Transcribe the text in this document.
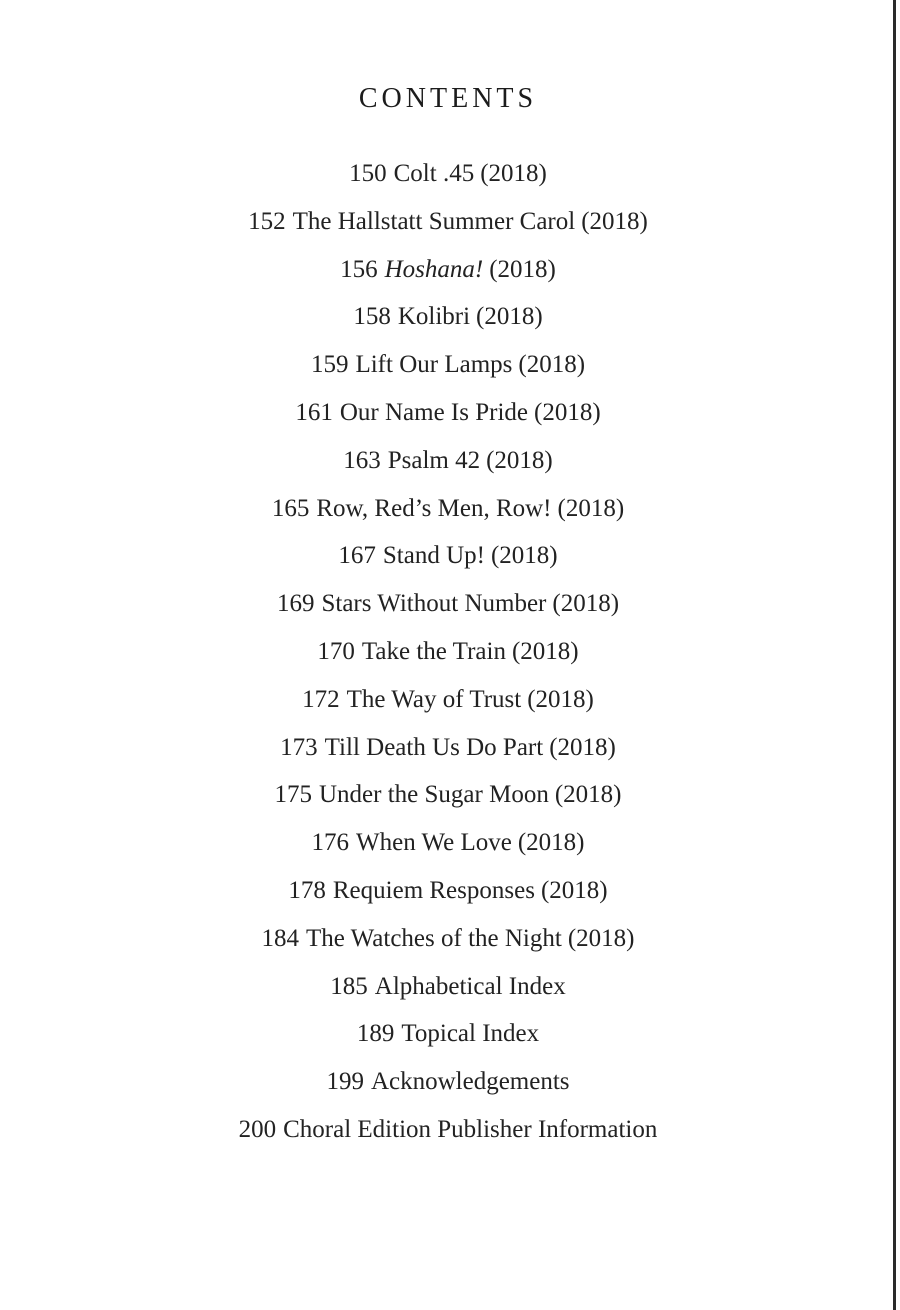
CONTENTS
150 Colt .45 (2018)
152 The Hallstatt Summer Carol (2018)
156 Hoshana! (2018)
158 Kolibri (2018)
159 Lift Our Lamps (2018)
161 Our Name Is Pride (2018)
163 Psalm 42 (2018)
165 Row, Red’s Men, Row! (2018)
167 Stand Up! (2018)
169 Stars Without Number (2018)
170 Take the Train (2018)
172 The Way of Trust (2018)
173 Till Death Us Do Part (2018)
175 Under the Sugar Moon (2018)
176 When We Love (2018)
178 Requiem Responses (2018)
184 The Watches of the Night (2018)
185 Alphabetical Index
189 Topical Index
199 Acknowledgements
200 Choral Edition Publisher Information
